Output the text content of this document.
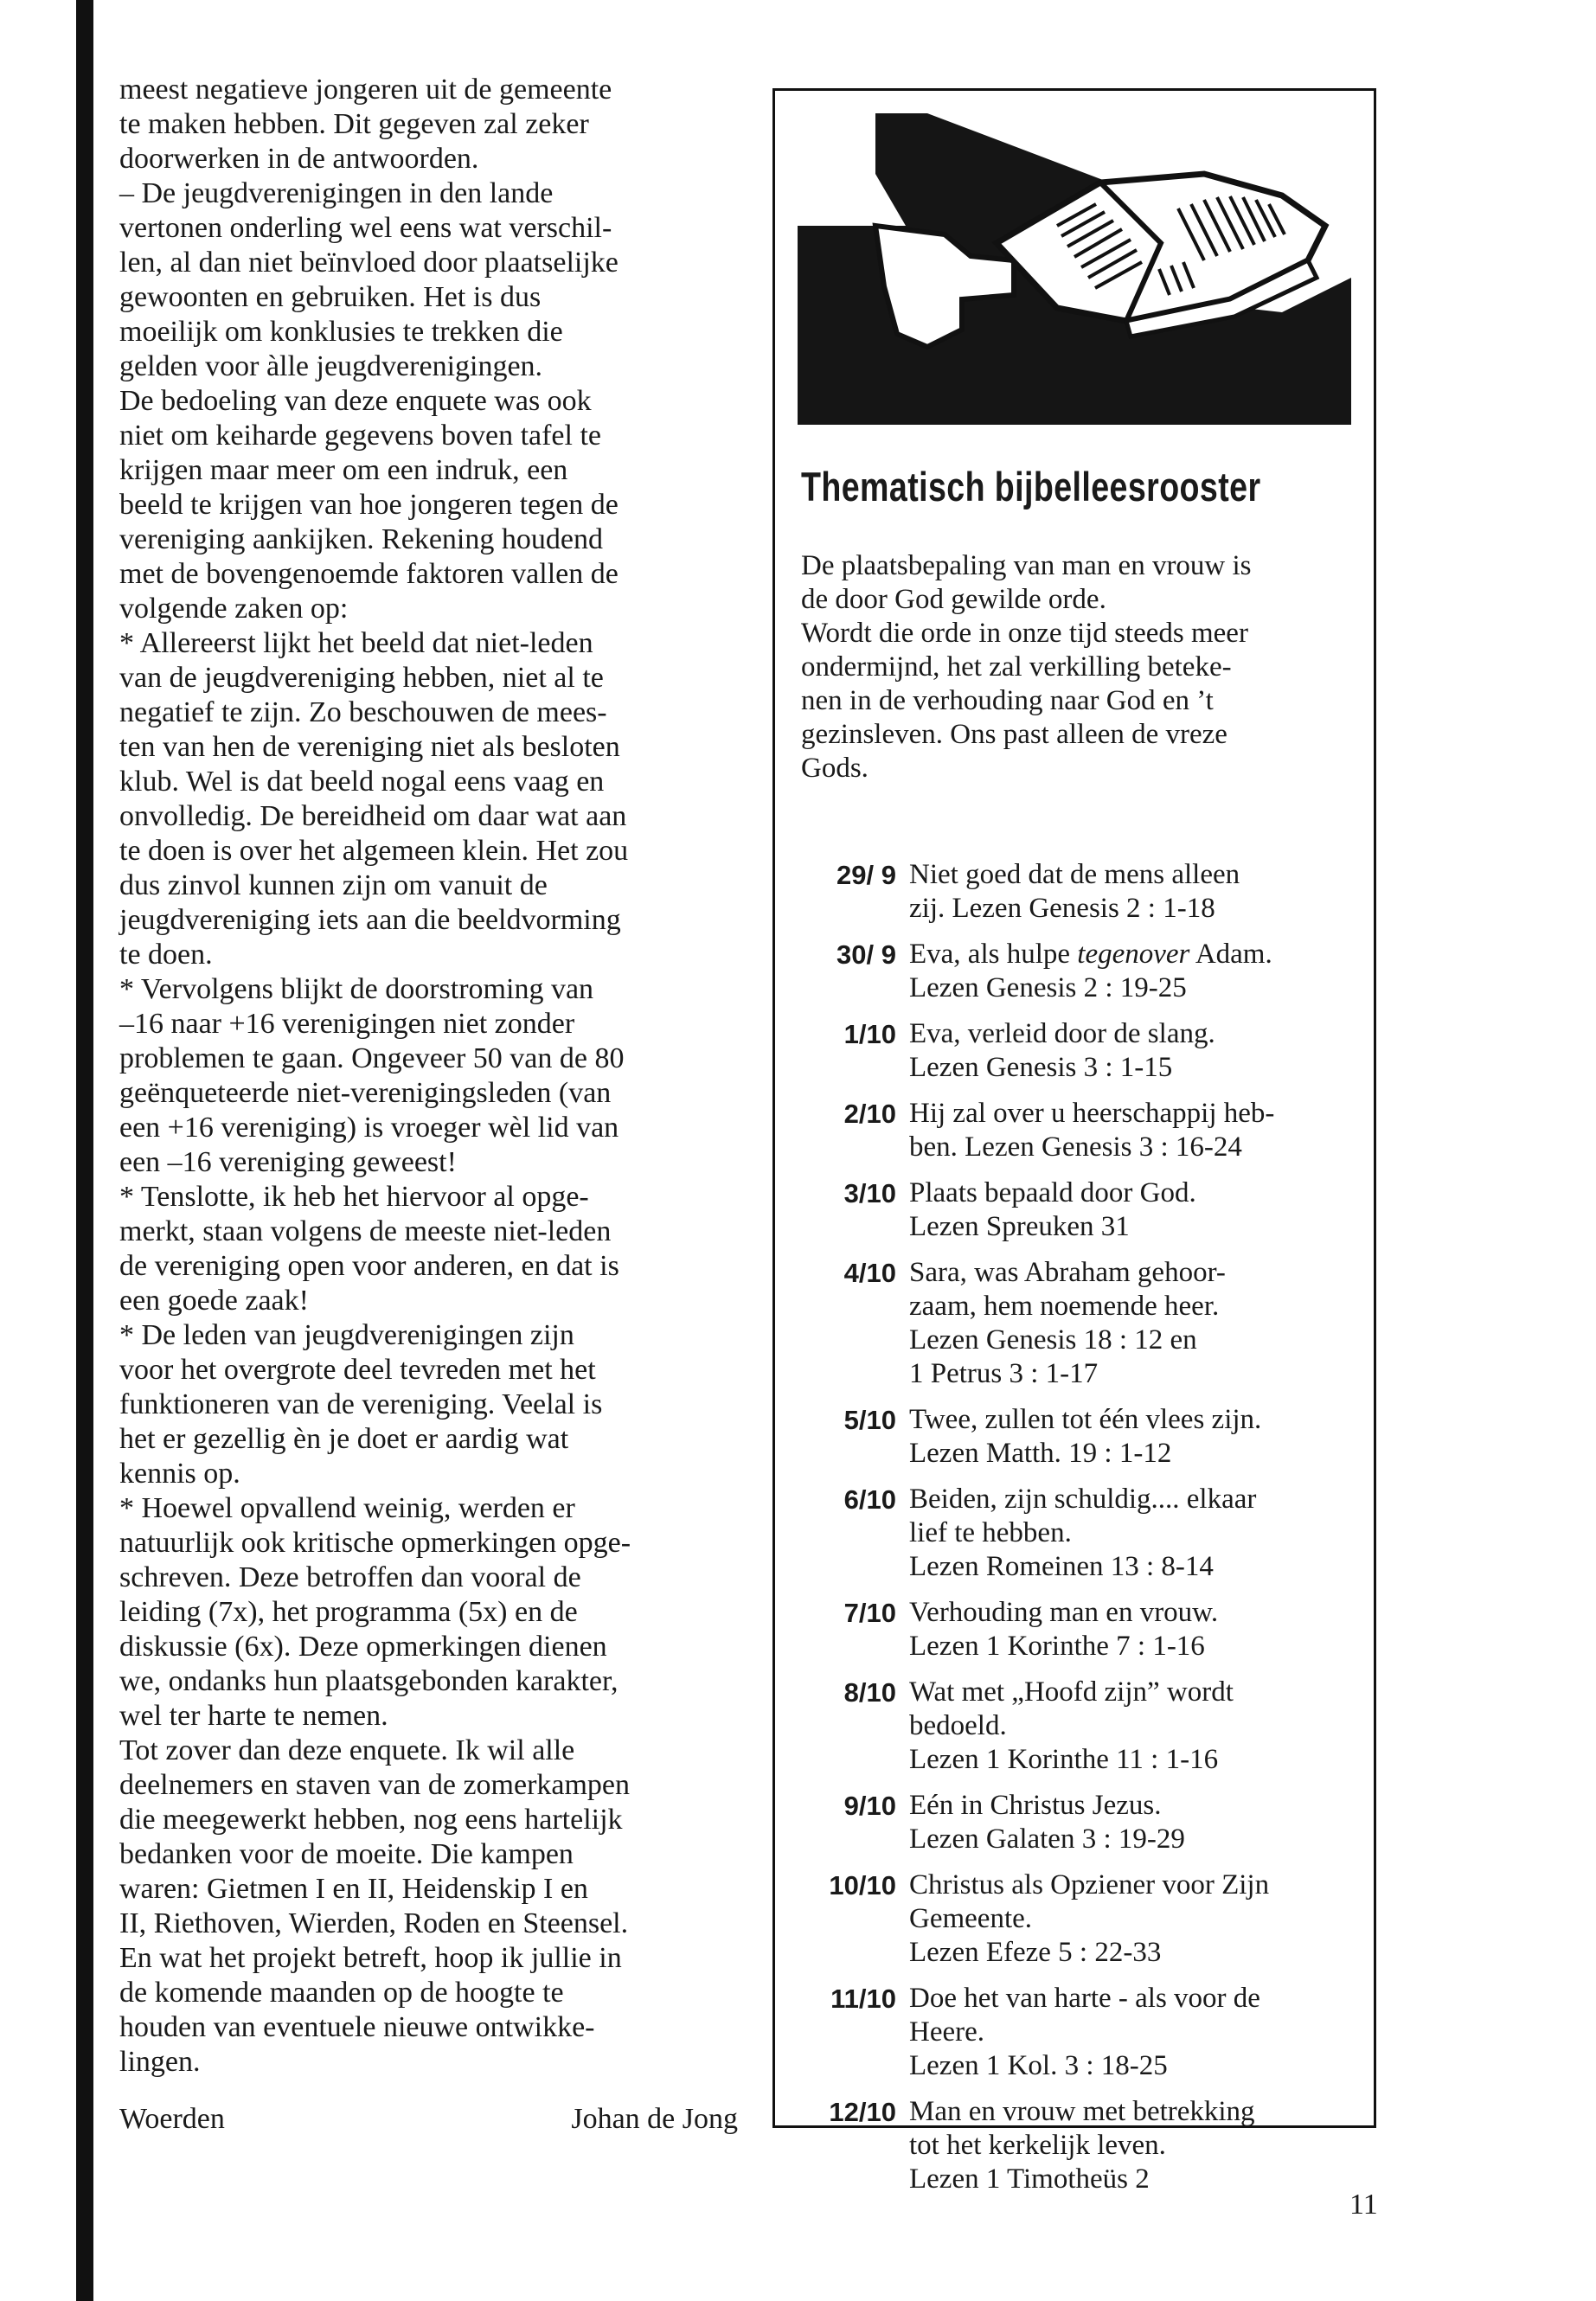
meest negatieve jongeren uit de gemeente
te maken hebben. Dit gegeven zal zeker
doorwerken in de antwoorden.

– De jeugdverenigingen in den lande
vertonen onderling wel eens wat verschil-
len, al dan niet beïnvloed door plaatselijke
gewoonten en gebruiken. Het is dus
moeilijk om konklusies te trekken die
gelden voor àlle jeugdverenigingen.

De bedoeling van deze enquete was ook
niet om keiharde gegevens boven tafel te
krijgen maar meer om een indruk, een
beeld te krijgen van hoe jongeren tegen de
vereniging aankijken. Rekening houdend
met de bovengenoemde faktoren vallen de
volgende zaken op:

* Allereerst lijkt het beeld dat niet-leden
van de jeugdvereniging hebben, niet al te
negatief te zijn. Zo beschouwen de mees-
ten van hen de vereniging niet als besloten
klub. Wel is dat beeld nogal eens vaag en
onvolledig. De bereidheid om daar wat aan
te doen is over het algemeen klein. Het zou
dus zinvol kunnen zijn om vanuit de
jeugdvereniging iets aan die beeldvorming
te doen.

* Vervolgens blijkt de doorstroming van
–16 naar +16 verenigingen niet zonder
problemen te gaan. Ongeveer 50 van de 80
geënqueteerde niet-verenigingsleden (van
een +16 vereniging) is vroeger wèl lid van
een –16 vereniging geweest!

* Tenslotte, ik heb het hiervoor al opge-
merkt, staan volgens de meeste niet-leden
de vereniging open voor anderen, en dat is
een goede zaak!

* De leden van jeugdverenigingen zijn
voor het overgrote deel tevreden met het
funktioneren van de vereniging. Veelal is
het er gezellig èn je doet er aardig wat
kennis op.

* Hoewel opvallend weinig, werden er
natuurlijk ook kritische opmerkingen opge-
schreven. Deze betroffen dan vooral de
leiding (7x), het programma (5x) en de
diskussie (6x). Deze opmerkingen dienen
we, ondanks hun plaatsgebonden karakter,
wel ter harte te nemen.

Tot zover dan deze enquete. Ik wil alle
deelnemers en staven van de zomerkampen
die meegewerkt hebben, nog eens hartelijk
bedanken voor de moeite. Die kampen
waren: Gietmen I en II, Heidenskip I en
II, Riethoven, Wierden, Roden en Steensel.
En wat het projekt betreft, hoop ik jullie in
de komende maanden op de hoogte te
houden van eventuele nieuwe ontwikke-
lingen.

Woerden	Johan de Jong
Thematisch bijbelleesrooster
De plaatsbepaling van man en vrouw is
de door God gewilde orde.
Wordt die orde in onze tijd steeds meer
ondermijnd, het zal verkilling beteke-
nen in de verhouding naar God en ’t
gezinsleven. Ons past alleen de vreze
Gods.
29/ 9 Niet goed dat de mens alleen
zij. Lezen Genesis 2 : 1-18
30/ 9 Eva, als hulpe tegenover Adam.
Lezen Genesis 2 : 19-25
1/10 Eva, verleid door de slang.
Lezen Genesis 3 : 1-15
2/10 Hij zal over u heerschappij heb-
ben. Lezen Genesis 3 : 16-24
3/10 Plaats bepaald door God.
Lezen Spreuken 31
4/10 Sara, was Abraham gehoor-
zaam, hem noemende heer.
Lezen Genesis 18 : 12 en
1 Petrus 3 : 1-17
5/10 Twee, zullen tot één vlees zijn.
Lezen Matth. 19 : 1-12
6/10 Beiden, zijn schuldig.... elkaar
lief te hebben.
Lezen Romeinen 13 : 8-14
7/10 Verhouding man en vrouw.
Lezen 1 Korinthe 7 : 1-16
8/10 Wat met „Hoofd zijn” wordt
bedoeld.
Lezen 1 Korinthe 11 : 1-16
9/10 Eén in Christus Jezus.
Lezen Galaten 3 : 19-29
10/10 Christus als Opziener voor Zijn
Gemeente.
Lezen Efeze 5 : 22-33
11/10 Doe het van harte - als voor de
Heere.
Lezen 1 Kol. 3 : 18-25
12/10 Man en vrouw met betrekking
tot het kerkelijk leven.
Lezen 1 Timotheüs 2
11
